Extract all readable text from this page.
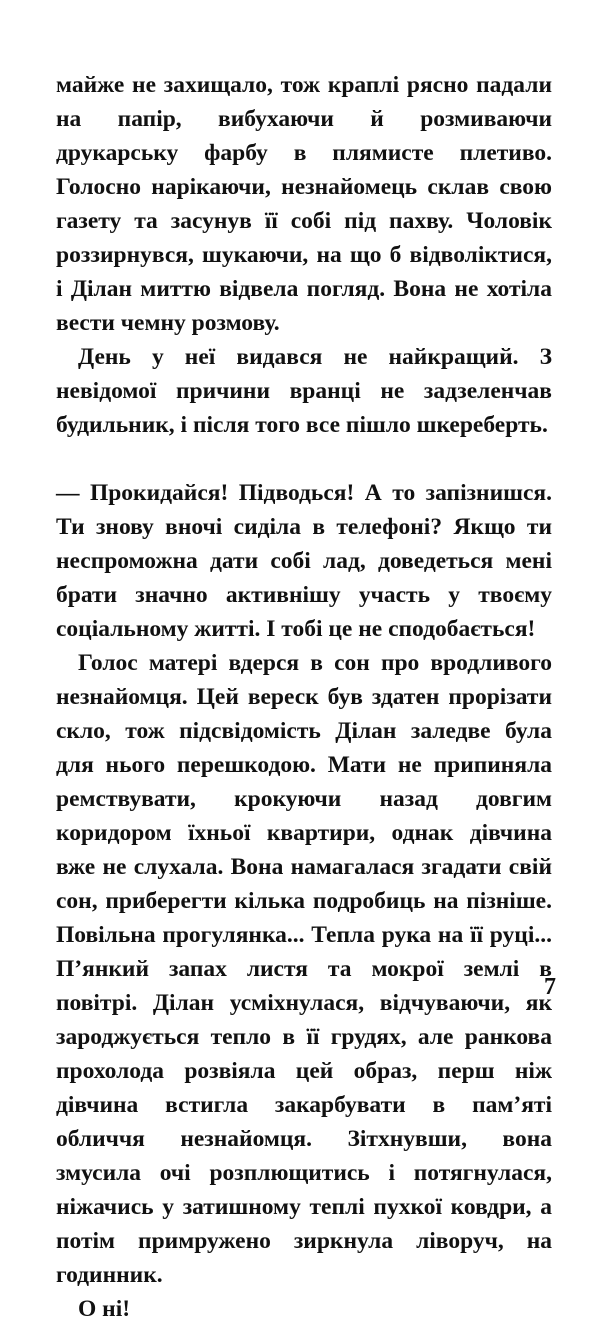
майже не захищало, тож краплі рясно падали на папір, вибухаючи й розмиваючи друкарську фарбу в плямисте плетиво. Голосно нарікаючи, незнайомець склав свою газету та засунув її собі під пахву. Чоловік роззирнувся, шукаючи, на що б відволіктися, і Ділан миттю відвела погляд. Вона не хотіла вести чемну розмову.

День у неї видався не найкращий. З невідомої причини вранці не задзеленчав будильник, і після того все пішло шкереберть.

— Прокидайся! Підводься! А то запізнишся. Ти знову вночі сиділа в телефоні? Якщо ти неспроможна дати собі лад, доведеться мені брати значно активнішу участь у твоєму соціальному житті. І тобі це не сподобається!

Голос матері вдерся в сон про вродливого незнайомця. Цей вереск був здатен прорізати скло, тож підсвідомість Ділан заледве була для нього перешкодою. Мати не припиняла ремствувати, крокуючи назад довгим коридором їхньої квартири, однак дівчина вже не слухала. Вона намагалася згадати свій сон, приберегти кілька подробиць на пізніше. Повільна прогулянка... Тепла рука на її руці... П’янкий запах листя та мокрої землі в повітрі. Ділан усміхнулася, відчуваючи, як зароджується тепло в її грудях, але ранкова прохолода розвіяла цей образ, перш ніж дівчина встигла закарбувати в пам’яті обличчя незнайомця. Зітхнувши, вона змусила очі розплющитись і потягнулася, ніжачись у затишному теплі пухкої ковдри, а потім примружено зиркнула ліворуч, на годинник.

О ні!

7
